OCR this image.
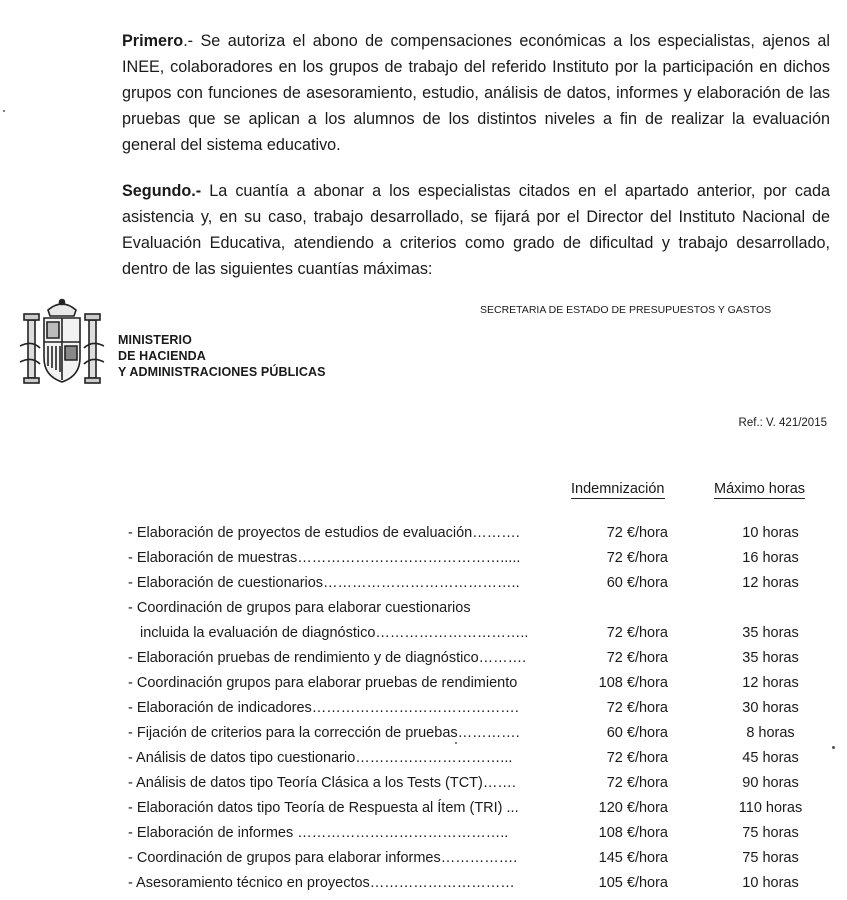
Primero.- Se autoriza el abono de compensaciones económicas a los especialistas, ajenos al INEE, colaboradores en los grupos de trabajo del referido Instituto por la participación en dichos grupos con funciones de asesoramiento, estudio, análisis de datos, informes y elaboración de las pruebas que se aplican a los alumnos de los distintos niveles a fin de realizar la evaluación general del sistema educativo.

Segundo.- La cuantía a abonar a los especialistas citados en el apartado anterior, por cada asistencia y, en su caso, trabajo desarrollado, se fijará por el Director del Instituto Nacional de Evaluación Educativa, atendiendo a criterios como grado de dificultad y trabajo desarrollado, dentro de las siguientes cuantías máximas:

MINISTERIO
DE HACIENDA
Y ADMINISTRACIONES PÚBLICAS
SECRETARIA DE ESTADO DE PRESUPUESTOS Y GASTOS
Ref.: V. 421/2015
Indemnización	Máximo horas
- Elaboración de proyectos de estudios de evaluación……….	72 €/hora	10 horas
- Elaboración de muestras…………………………………….....	72 €/hora	16 horas
- Elaboración de cuestionarios…………………………………..	60 €/hora	12 horas
- Coordinación de grupos para elaborar cuestionarios
incluida la evaluación de diagnóstico…………………………..	72 €/hora	35 horas
- Elaboración pruebas de rendimiento y de diagnóstico……….	72 €/hora	35 horas
- Coordinación grupos para elaborar pruebas de rendimiento	108 €/hora	12 horas
- Elaboración de indicadores…………………………………….	72 €/hora	30 horas
- Fijación de criterios para la corrección de pruebas………….	60 €/hora	8 horas
- Análisis de datos tipo cuestionario…………………………...	72 €/hora	45 horas
- Análisis de datos tipo Teoría Clásica a los Tests (TCT)…….	72 €/hora	90 horas
- Elaboración datos tipo Teoría de Respuesta al Ítem (TRI) ...	120 €/hora	110 horas
- Elaboración de informes ……………………………………..	108 €/hora	75 horas
- Coordinación de grupos para elaborar informes…………….	145 €/hora	75 horas
- Asesoramiento técnico en proyectos…………………………	105 €/hora	10 horas
